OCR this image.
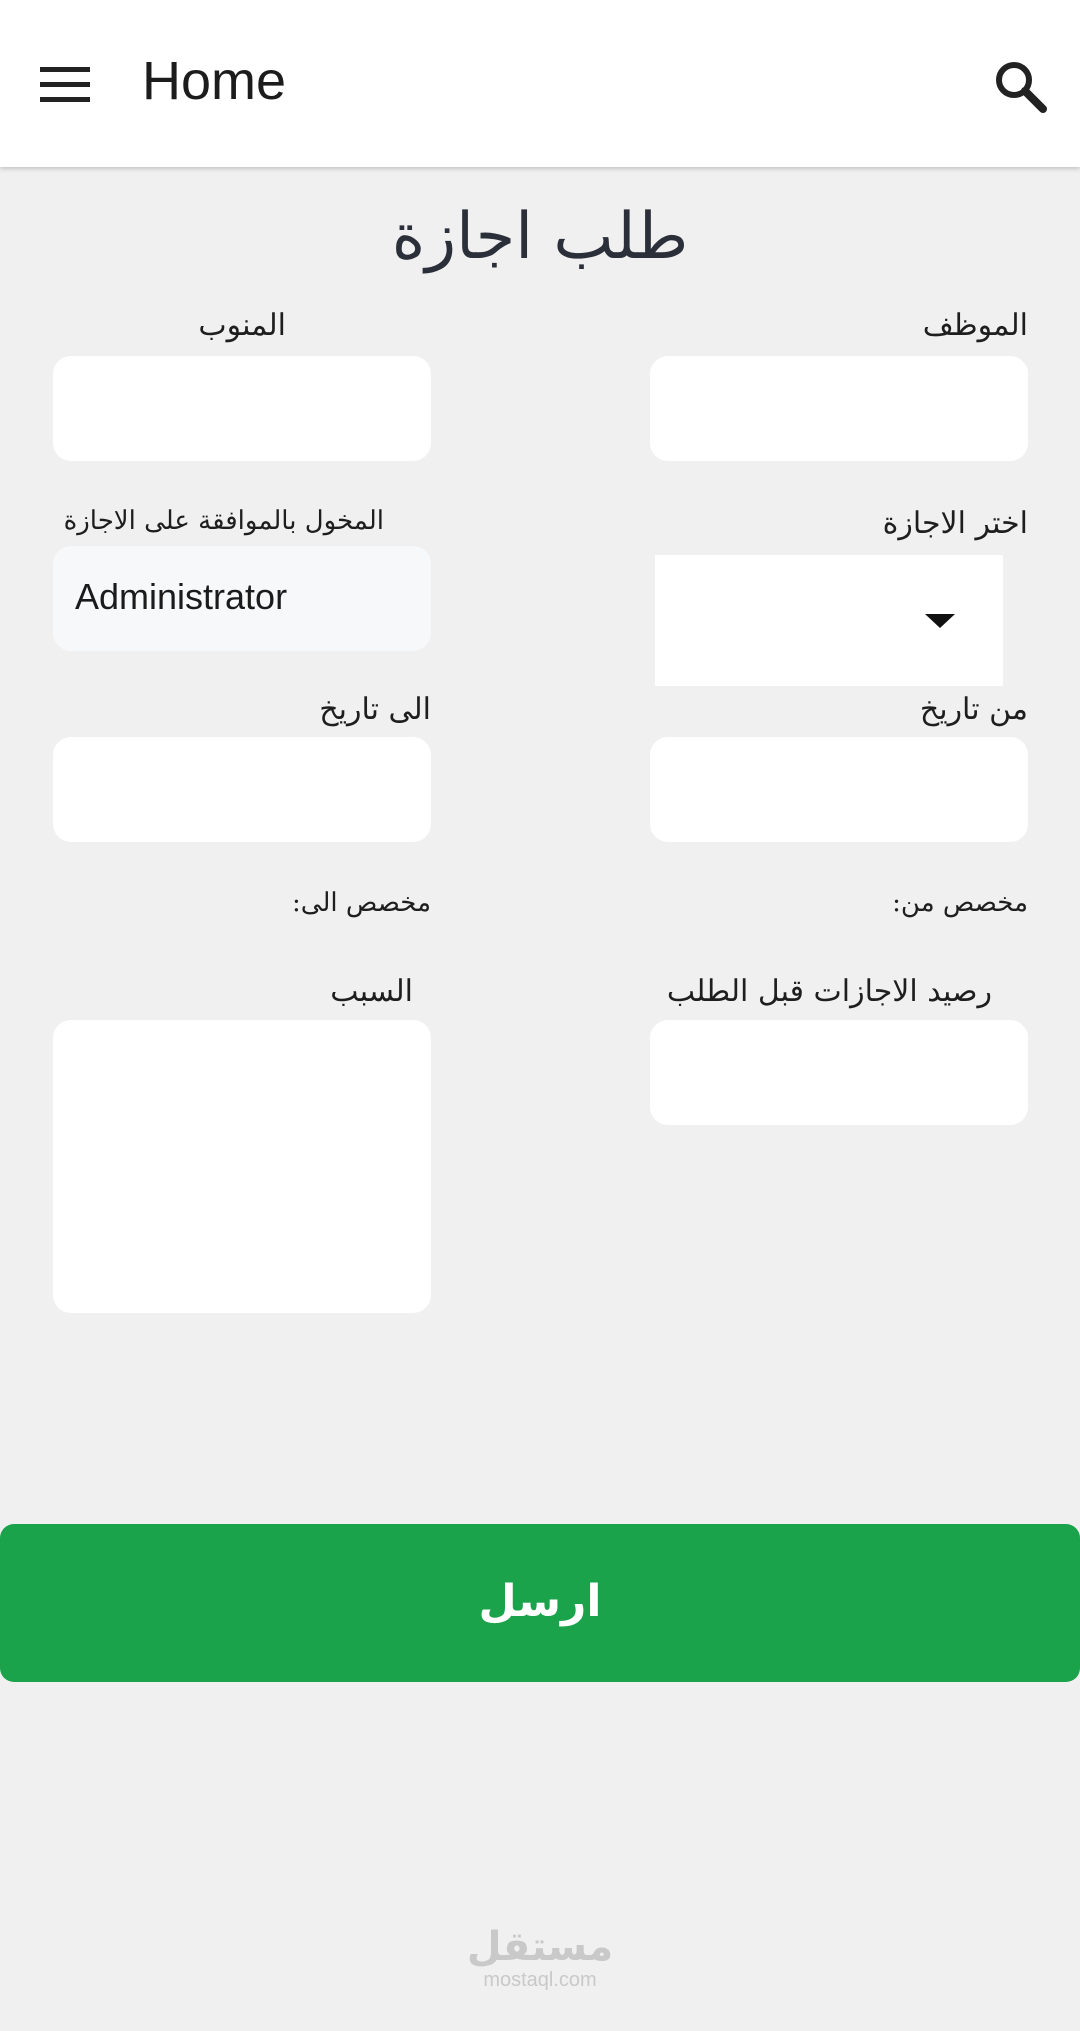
Home
طلب اجازة
الموظف
المنوب
اختر الاجازة
المخول بالموافقة على الاجازة
Administrator
من تاريخ
الى تاريخ
مخصص من:
مخصص الى:
رصيد الاجازات قبل الطلب
السبب
ارسل
مستقل
mostaql.com
